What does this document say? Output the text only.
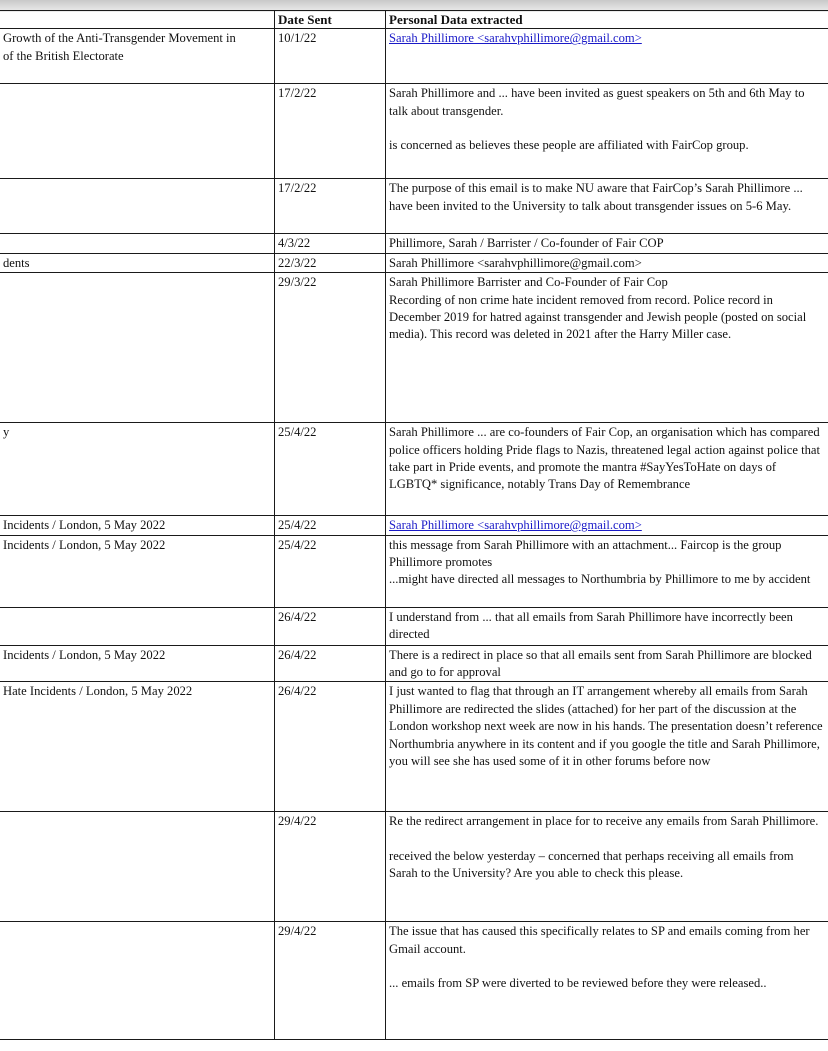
	Date Sent	Personal Data extracted

Growth of the Anti-Transgender Movement in
of the British Electorate	10/1/22	Sarah Phillimore <sarahvphillimore@gmail.com>

	17/2/22	Sarah Phillimore and ... have been invited as guest speakers on 5th and 6th May to talk about transgender.
is concerned as believes these people are affiliated with FairCop group.

	17/2/22	The purpose of this email is to make NU aware that FairCop’s Sarah Phillimore ... have been invited to the University to talk about transgender issues on 5-6 May.

	4/3/22	Phillimore, Sarah / Barrister / Co-founder of Fair COP

dents	22/3/22	Sarah Phillimore <sarahvphillimore@gmail.com>

	29/3/22	Sarah Phillimore Barrister and Co-Founder of Fair Cop
Recording of non crime hate incident removed from record. Police record in December 2019 for hatred against transgender and Jewish people (posted on social media). This record was deleted in 2021 after the Harry Miller case.

y	25/4/22	Sarah Phillimore ... are co-founders of Fair Cop, an organisation which has compared police officers holding Pride flags to Nazis, threatened legal action against police that take part in Pride events, and promote the mantra #SayYesToHate on days of LGBTQ* significance, notably Trans Day of Remembrance

Incidents / London, 5 May 2022	25/4/22	Sarah Phillimore <sarahvphillimore@gmail.com>

Incidents / London, 5 May 2022	25/4/22	this message from Sarah Phillimore with an attachment... Faircop is the group Phillimore promotes
...might have directed all messages to Northumbria by Phillimore to me by accident

	26/4/22	I understand from ... that all emails from Sarah Phillimore have incorrectly been directed

Incidents / London, 5 May 2022	26/4/22	There is a redirect in place so that all emails sent from Sarah Phillimore are blocked and go to for approval

Hate Incidents / London, 5 May 2022	26/4/22	I just wanted to flag that through an IT arrangement whereby all emails from Sarah Phillimore are redirected the slides (attached) for her part of the discussion at the London workshop next week are now in his hands. The presentation doesn’t reference Northumbria anywhere in its content and if you google the title and Sarah Phillimore, you will see she has used some of it in other forums before now

	29/4/22	Re the redirect arrangement in place for to receive any emails from Sarah Phillimore.
received the below yesterday – concerned that perhaps receiving all emails from Sarah to the University? Are you able to check this please.

	29/4/22	The issue that has caused this specifically relates to SP and emails coming from her Gmail account.
... emails from SP were diverted to be reviewed before they were released..
